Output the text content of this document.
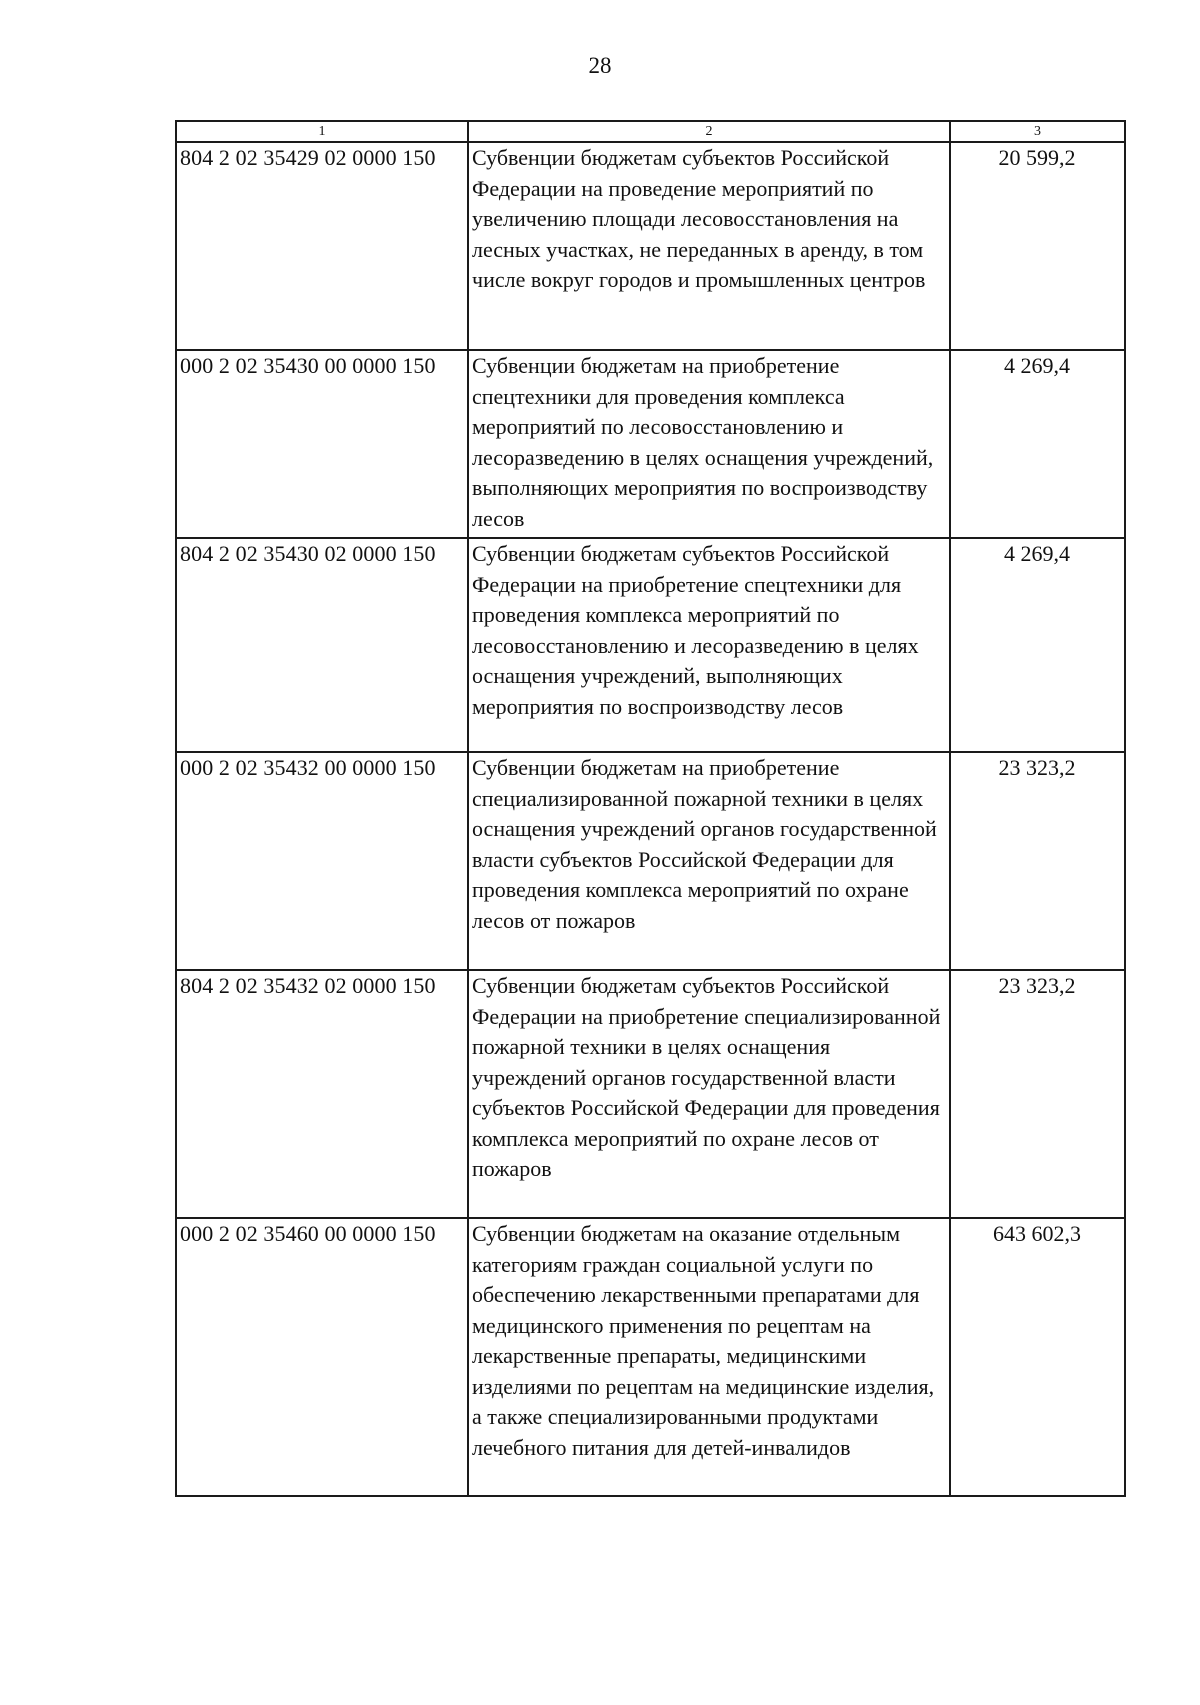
28
1	2	3
804 2 02 35429 02 0000 150	Субвенции бюджетам субъектов Российской Федерации на проведение мероприятий по увеличению площади лесовосстановления на лесных участках, не переданных в аренду, в том числе вокруг городов и промышленных центров	20 599,2
000 2 02 35430 00 0000 150	Субвенции бюджетам на приобретение спецтехники для проведения комплекса мероприятий по лесовосстановлению и лесоразведению в целях оснащения учреждений, выполняющих мероприятия по воспроизводству лесов	4 269,4
804 2 02 35430 02 0000 150	Субвенции бюджетам субъектов Российской Федерации на приобретение спецтехники для проведения комплекса мероприятий по лесовосстановлению и лесоразведению в целях оснащения учреждений, выполняющих мероприятия по воспроизводству лесов	4 269,4
000 2 02 35432 00 0000 150	Субвенции бюджетам на приобретение специализированной пожарной техники в целях оснащения учреждений органов государственной власти субъектов Российской Федерации для проведения комплекса мероприятий по охране лесов от пожаров	23 323,2
804 2 02 35432 02 0000 150	Субвенции бюджетам субъектов Российской Федерации на приобретение специализированной пожарной техники в целях оснащения учреждений органов государственной власти субъектов Российской Федерации для проведения комплекса мероприятий по охране лесов от пожаров	23 323,2
000 2 02 35460 00 0000 150	Субвенции бюджетам на оказание отдельным категориям граждан социальной услуги по обеспечению лекарственными препаратами для медицинского применения по рецептам на лекарственные препараты, медицинскими изделиями по рецептам на медицинские изделия, а также специализированными продуктами лечебного питания для детей-инвалидов	643 602,3
